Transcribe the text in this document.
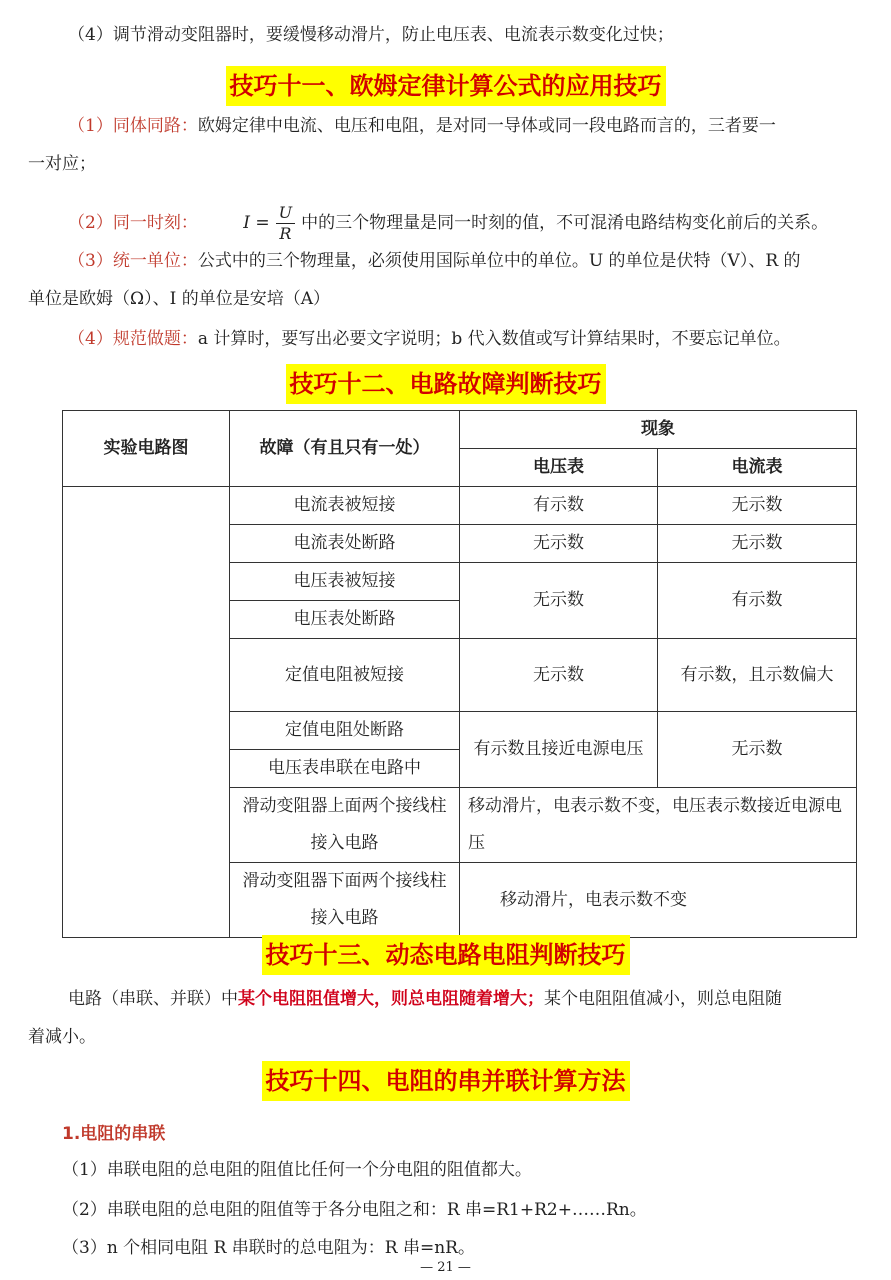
（4）调节滑动变阻器时，要缓慢移动滑片，防止电压表、电流表示数变化过快；
技巧十一、欧姆定律计算公式的应用技巧
（1）同体同路：欧姆定律中电流、电压和电阻，是对同一导体或同一段电路而言的，三者要一
一对应；
（2）同一时刻：	$I = \frac{U}{R}$ 中的三个物理量是同一时刻的值，不可混淆电路结构变化前后的关系。
（3）统一单位：公式中的三个物理量，必须使用国际单位中的单位。U 的单位是伏特（V）、R 的
单位是欧姆（Ω）、I 的单位是安培（A）
（4）规范做题：a 计算时，要写出必要文字说明；b 代入数值或写计算结果时，不要忘记单位。
技巧十二、电路故障判断技巧
实验电路图	故障（有且只有一处）	现象	
		电压表	电流表
	电流表被短接	有示数	无示数
	电流表处断路	无示数	无示数
	电压表被短接	无示数	有示数
	电压表处断路		
	定值电阻被短接	无示数	有示数，且示数偏大
	定值电阻处断路	有示数且接近电源电压	无示数
	电压表串联在电路中		
	滑动变阻器上面两个接线柱接入电路	移动滑片，电表示数不变，电压表示数接近电源电压	
	滑动变阻器下面两个接线柱接入电路	移动滑片，电表示数不变	
技巧十三、动态电路电阻判断技巧
电路（串联、并联）中某个电阻阻值增大，则总电阻随着增大；某个电阻阻值减小，则总电阻随
着减小。
技巧十四、电阻的串并联计算方法
1.电阻的串联
（1）串联电阻的总电阻的阻值比任何一个分电阻的阻值都大。
（2）串联电阻的总电阻的阻值等于各分电阻之和：R 串=R1+R2+……Rn。
（3）n 个相同电阻 R 串联时的总电阻为：R 串=nR。
— 21 —
